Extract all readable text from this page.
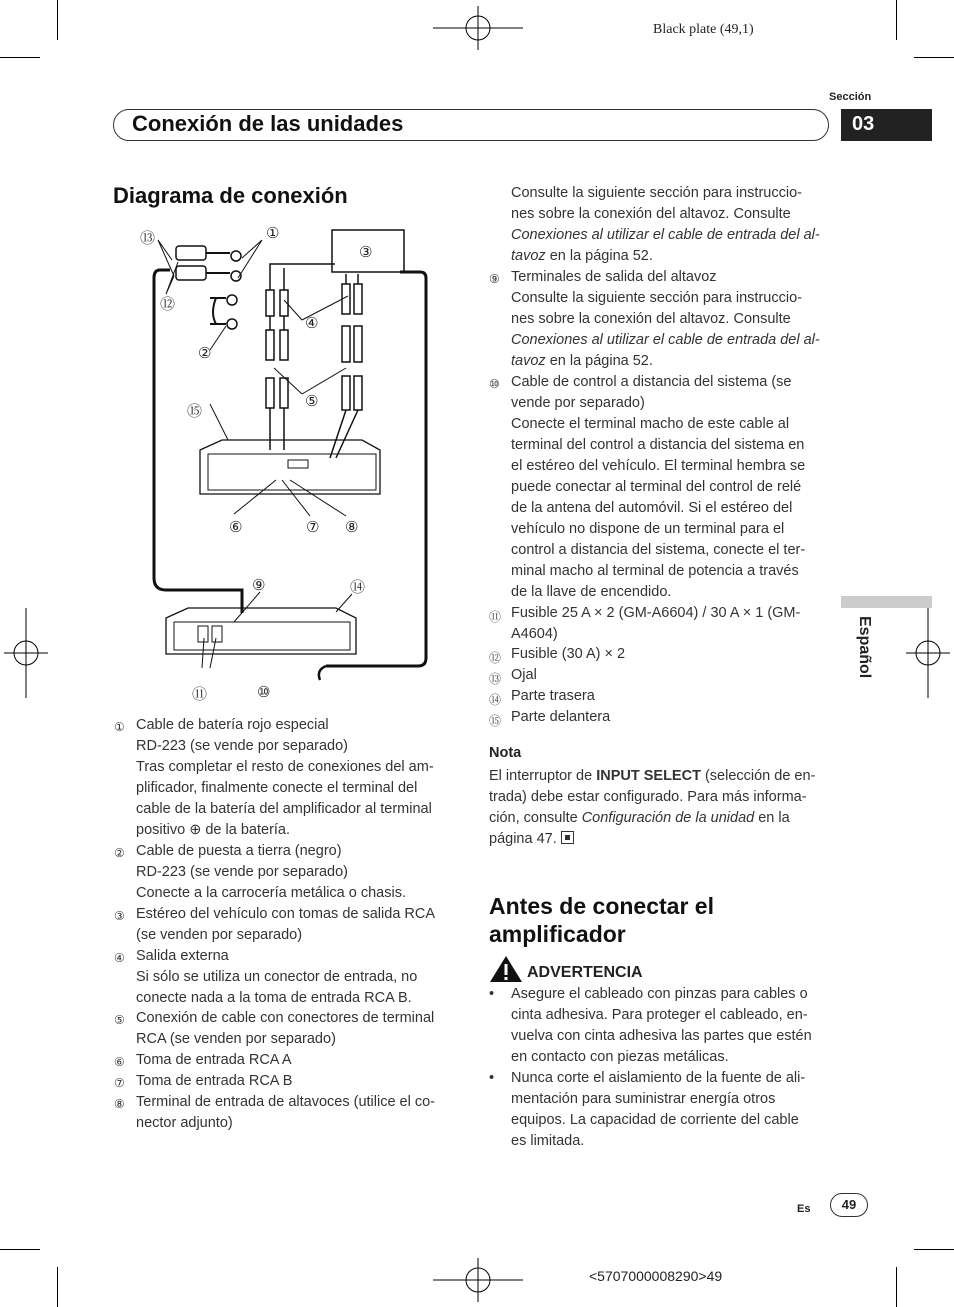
Black plate (49,1)
Sección
Conexión de las unidades	03
Español
Diagrama de conexión
①
②
③
④
⑤
⑥	⑦ ⑧
⑨
⑩
⑪
⑫
⑬
⑭
⑮
① Cable de batería rojo especial
RD-223 (se vende por separado)
Tras completar el resto de conexiones del am-
plificador, finalmente conecte el terminal del
cable de la batería del amplificador al terminal
positivo ⊕ de la batería.
② Cable de puesta a tierra (negro)
RD-223 (se vende por separado)
Conecte a la carrocería metálica o chasis.
③ Estéreo del vehículo con tomas de salida RCA
(se venden por separado)
④ Salida externa
Si sólo se utiliza un conector de entrada, no
conecte nada a la toma de entrada RCA B.
⑤ Conexión de cable con conectores de terminal
RCA (se venden por separado)
⑥ Toma de entrada RCA A
⑦ Toma de entrada RCA B
⑧ Terminal de entrada de altavoces (utilice el co-
nector adjunto)
Consulte la siguiente sección para instruccio-
nes sobre la conexión del altavoz. Consulte
Conexiones al utilizar el cable de entrada del al-
tavoz en la página 52.
⑨ Terminales de salida del altavoz
Consulte la siguiente sección para instruccio-
nes sobre la conexión del altavoz. Consulte
Conexiones al utilizar el cable de entrada del al-
tavoz en la página 52.
⑩ Cable de control a distancia del sistema (se
vende por separado)
Conecte el terminal macho de este cable al
terminal del control a distancia del sistema en
el estéreo del vehículo. El terminal hembra se
puede conectar al terminal del control de relé
de la antena del automóvil. Si el estéreo del
vehículo no dispone de un terminal para el
control a distancia del sistema, conecte el ter-
minal macho al terminal de potencia a través
de la llave de encendido.
⑪ Fusible 25 A × 2 (GM-A6604) / 30 A × 1 (GM-
A4604)
⑫ Fusible (30 A) × 2
⑬ Ojal
⑭ Parte trasera
⑮ Parte delantera
Nota
El interruptor de INPUT SELECT (selección de en-
trada) debe estar configurado. Para más informa-
ción, consulte Configuración de la unidad en la
página 47.
Antes de conectar el
amplificador
ADVERTENCIA
• Asegure el cableado con pinzas para cables o
cinta adhesiva. Para proteger el cableado, en-
vuelva con cinta adhesiva las partes que estén
en contacto con piezas metálicas.
• Nunca corte el aislamiento de la fuente de ali-
mentación para suministrar energía otros
equipos. La capacidad de corriente del cable
es limitada.
Es	49
<5707000008290>49
